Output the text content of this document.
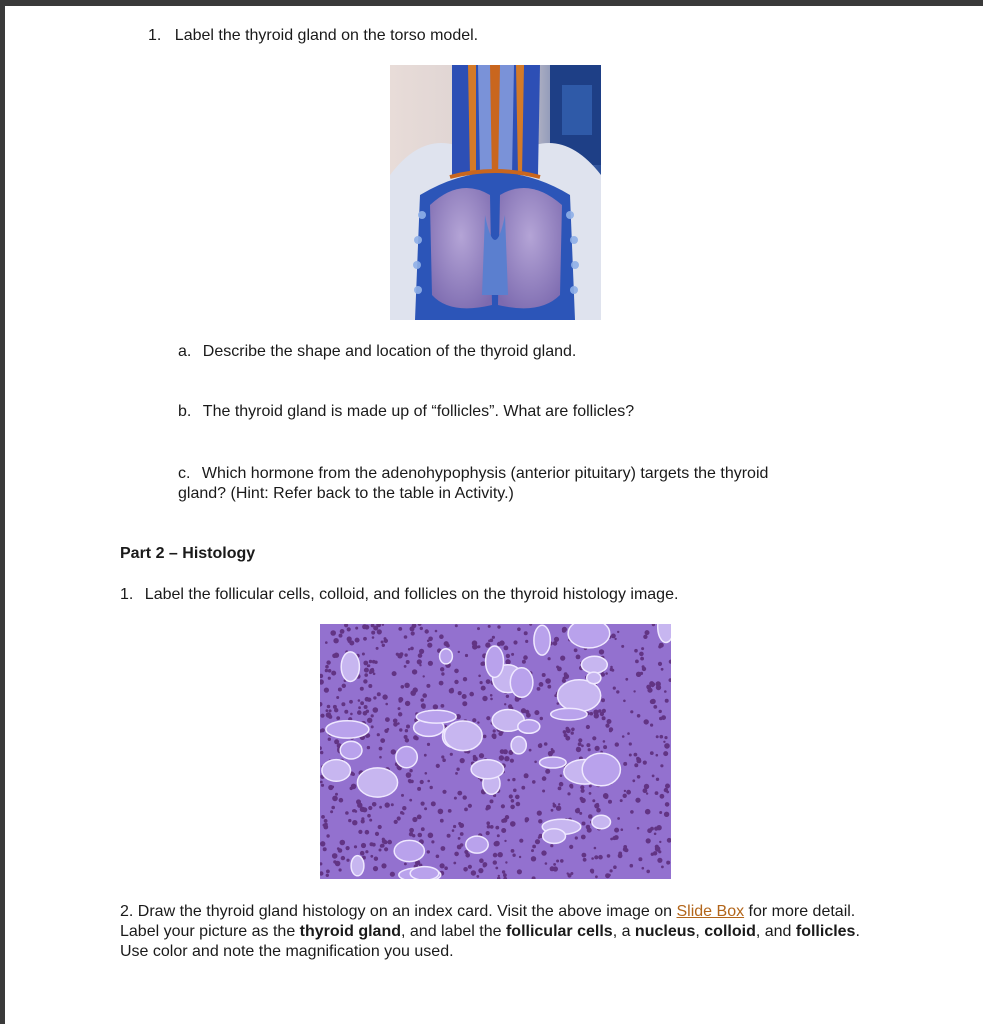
1. Label the thyroid gland on the torso model.
a. Describe the shape and location of the thyroid gland.
b. The thyroid gland is made up of “follicles”. What are follicles?
c. Which hormone from the adenohypophysis (anterior pituitary) targets the thyroid
gland? (Hint: Refer back to the table in Activity.)
Part 2 – Histology
1. Label the follicular cells, colloid, and follicles on the thyroid histology image.
2. Draw the thyroid gland histology on an index card. Visit the above image on Slide Box for more detail. Label your picture as the thyroid gland, and label the follicular cells, a nucleus, colloid, and follicles. Use color and note the magnification you used.
